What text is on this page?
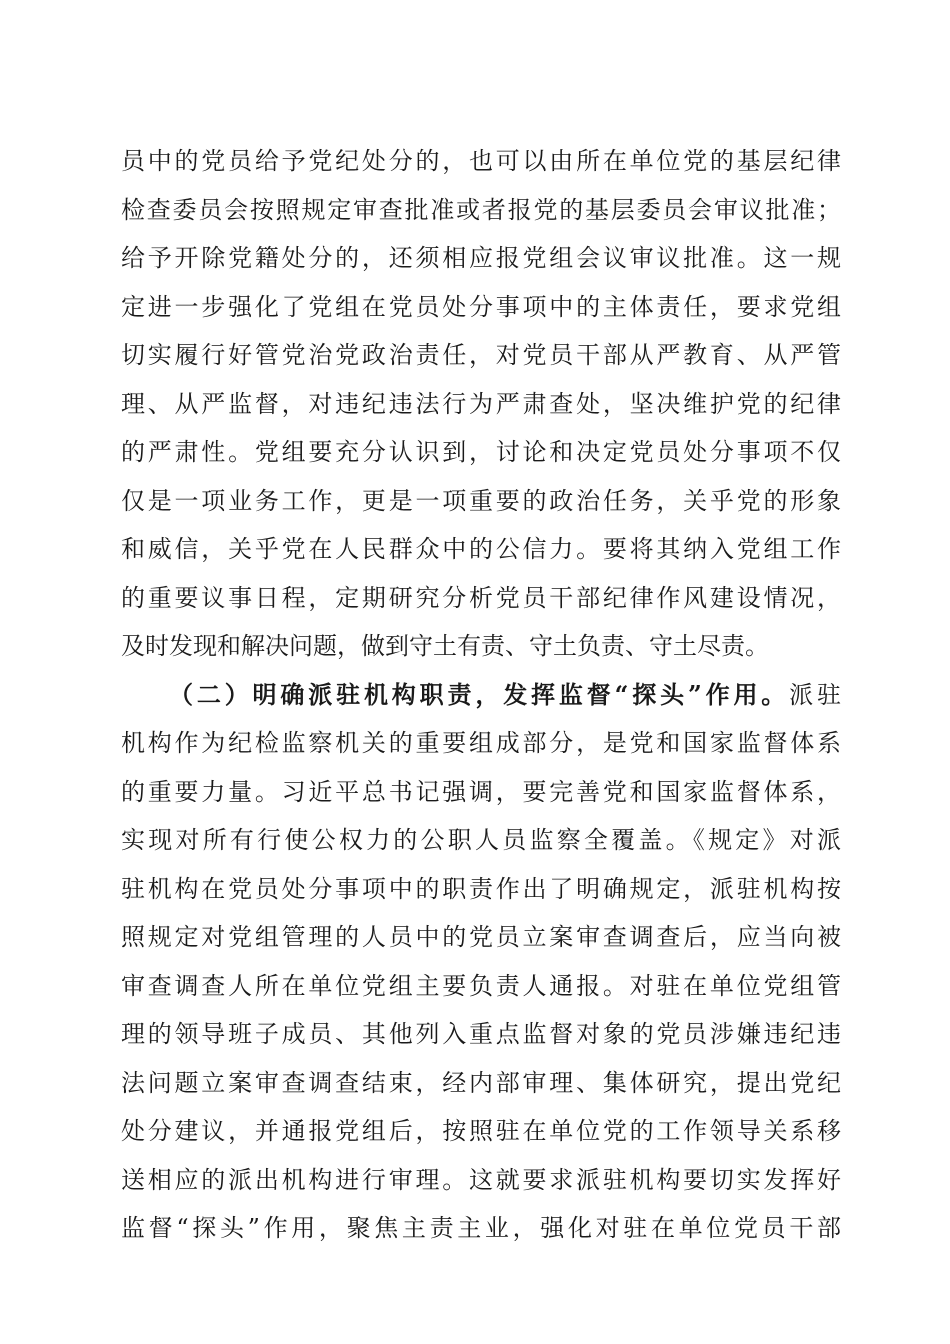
员中的党员给予党纪处分的，也可以由所在单位党的基层纪律
检查委员会按照规定审查批准或者报党的基层委员会审议批准；
给予开除党籍处分的，还须相应报党组会议审议批准。这一规
定进一步强化了党组在党员处分事项中的主体责任，要求党组
切实履行好管党治党政治责任，对党员干部从严教育、从严管
理、从严监督，对违纪违法行为严肃查处，坚决维护党的纪律
的严肃性。党组要充分认识到，讨论和决定党员处分事项不仅
仅是一项业务工作，更是一项重要的政治任务，关乎党的形象
和威信，关乎党在人民群众中的公信力。要将其纳入党组工作
的重要议事日程，定期研究分析党员干部纪律作风建设情况，
及时发现和解决问题，做到守土有责、守土负责、守土尽责。
（二）明确派驻机构职责，发挥监督“探头”作用。派驻
机构作为纪检监察机关的重要组成部分，是党和国家监督体系
的重要力量。习近平总书记强调，要完善党和国家监督体系，
实现对所有行使公权力的公职人员监察全覆盖。《规定》对派
驻机构在党员处分事项中的职责作出了明确规定，派驻机构按
照规定对党组管理的人员中的党员立案审查调查后，应当向被
审查调查人所在单位党组主要负责人通报。对驻在单位党组管
理的领导班子成员、其他列入重点监督对象的党员涉嫌违纪违
法问题立案审查调查结束，经内部审理、集体研究，提出党纪
处分建议，并通报党组后，按照驻在单位党的工作领导关系移
送相应的派出机构进行审理。这就要求派驻机构要切实发挥好
监督“探头”作用，聚焦主责主业，强化对驻在单位党员干部
